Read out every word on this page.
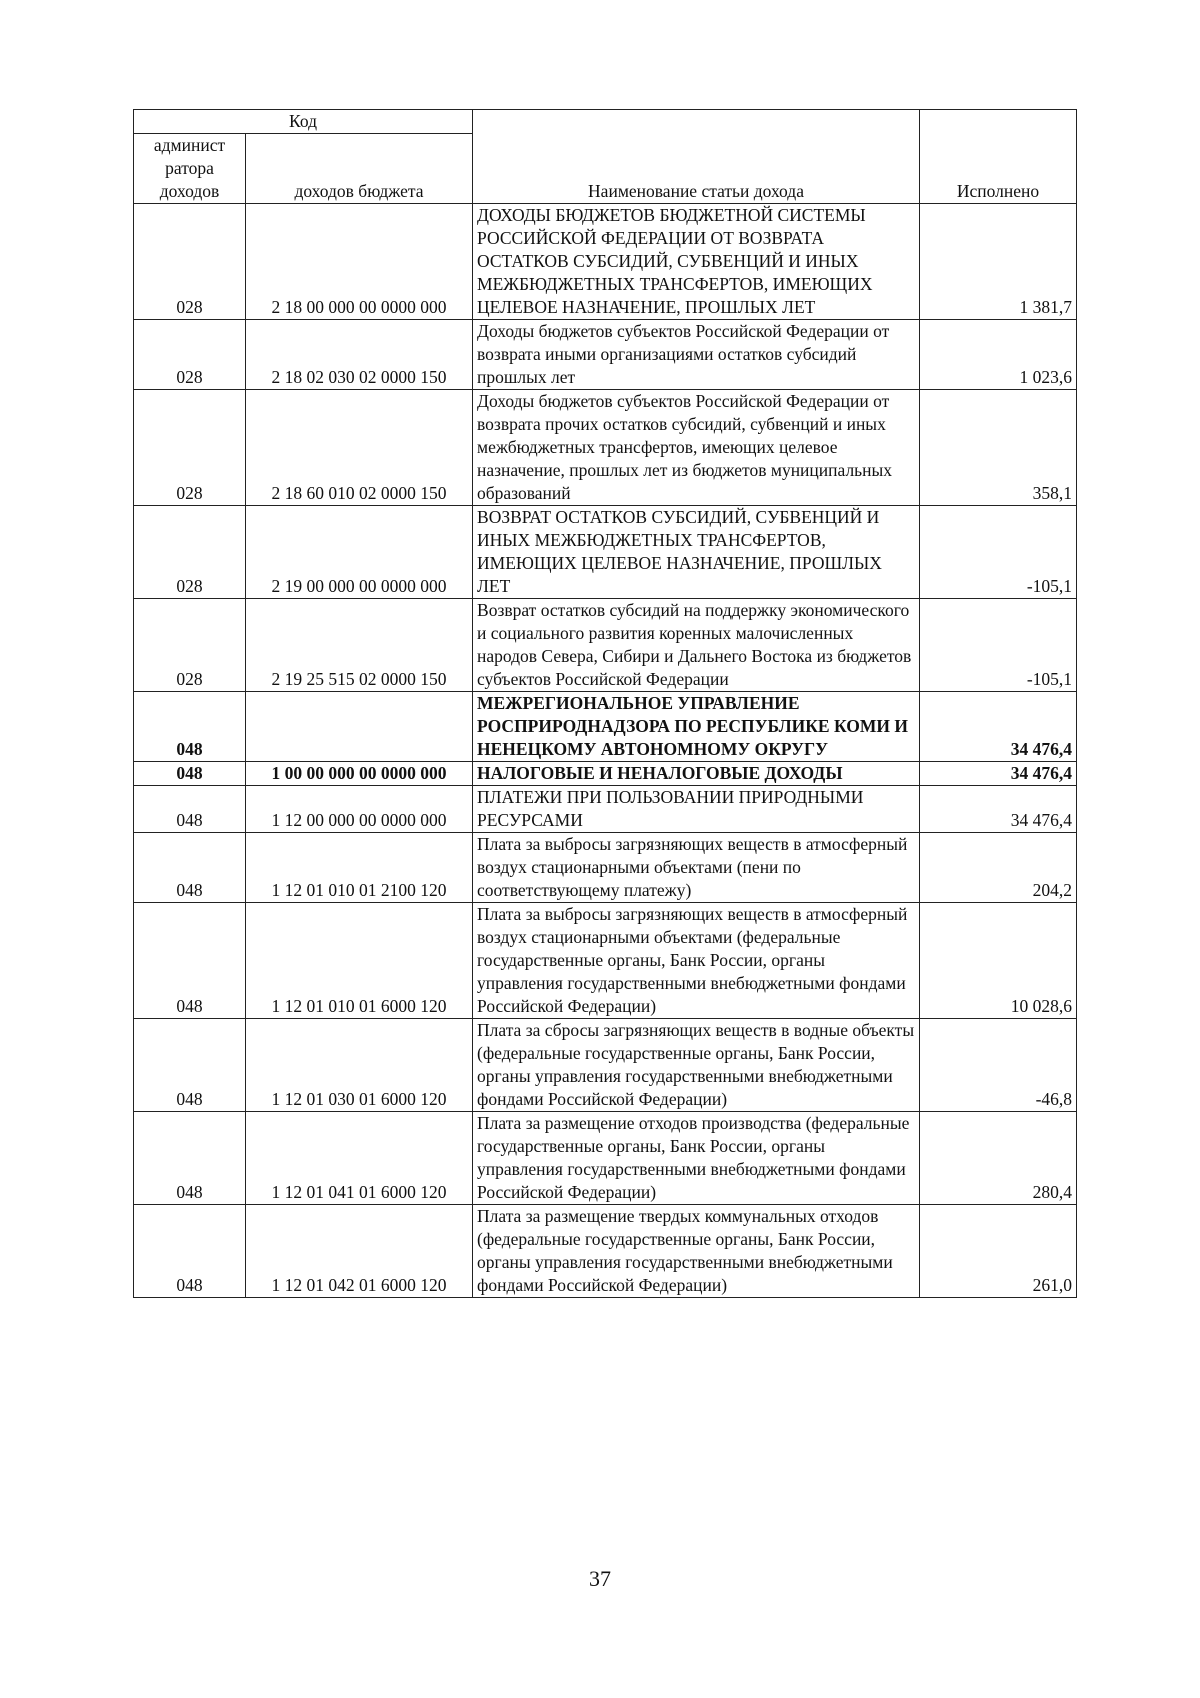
Код		Наименование статьи дохода	Исполнено
админист ратора доходов	доходов бюджета		
028	2 18 00 000 00 0000 000	ДОХОДЫ БЮДЖЕТОВ БЮДЖЕТНОЙ СИСТЕМЫ РОССИЙСКОЙ ФЕДЕРАЦИИ ОТ ВОЗВРАТА ОСТАТКОВ СУБСИДИЙ, СУБВЕНЦИЙ И ИНЫХ МЕЖБЮДЖЕТНЫХ ТРАНСФЕРТОВ, ИМЕЮЩИХ ЦЕЛЕВОЕ НАЗНАЧЕНИЕ, ПРОШЛЫХ ЛЕТ	1 381,7
028	2 18 02 030 02 0000 150	Доходы бюджетов субъектов Российской Федерации от возврата иными организациями остатков субсидий прошлых лет	1 023,6
028	2 18 60 010 02 0000 150	Доходы бюджетов субъектов Российской Федерации от возврата прочих остатков субсидий, субвенций и иных межбюджетных трансфертов, имеющих целевое назначение, прошлых лет из бюджетов муниципальных образований	358,1
028	2 19 00 000 00 0000 000	ВОЗВРАТ ОСТАТКОВ СУБСИДИЙ, СУБВЕНЦИЙ И ИНЫХ МЕЖБЮДЖЕТНЫХ ТРАНСФЕРТОВ, ИМЕЮЩИХ ЦЕЛЕВОЕ НАЗНАЧЕНИЕ, ПРОШЛЫХ ЛЕТ	-105,1
028	2 19 25 515 02 0000 150	Возврат остатков субсидий на поддержку экономического и социального развития коренных малочисленных народов Севера, Сибири и Дальнего Востока из бюджетов субъектов Российской Федерации	-105,1
048		МЕЖРЕГИОНАЛЬНОЕ УПРАВЛЕНИЕ РОСПРИРОДНАДЗОРА ПО РЕСПУБЛИКЕ КОМИ И НЕНЕЦКОМУ АВТОНОМНОМУ ОКРУГУ	34 476,4
048	1 00 00 000 00 0000 000	НАЛОГОВЫЕ И НЕНАЛОГОВЫЕ ДОХОДЫ	34 476,4
048	1 12 00 000 00 0000 000	ПЛАТЕЖИ ПРИ ПОЛЬЗОВАНИИ ПРИРОДНЫМИ РЕСУРСАМИ	34 476,4
048	1 12 01 010 01 2100 120	Плата за выбросы загрязняющих веществ в атмосферный воздух стационарными объектами (пени по соответствующему платежу)	204,2
048	1 12 01 010 01 6000 120	Плата за выбросы загрязняющих веществ в атмосферный воздух стационарными объектами (федеральные государственные органы, Банк России, органы управления государственными внебюджетными фондами Российской Федерации)	10 028,6
048	1 12 01 030 01 6000 120	Плата за сбросы загрязняющих веществ в водные объекты (федеральные государственные органы, Банк России, органы управления государственными внебюджетными фондами Российской Федерации)	-46,8
048	1 12 01 041 01 6000 120	Плата за размещение отходов производства (федеральные государственные органы, Банк России, органы управления государственными внебюджетными фондами Российской Федерации)	280,4
048	1 12 01 042 01 6000 120	Плата за размещение твердых коммунальных отходов (федеральные государственные органы, Банк России, органы управления государственными внебюджетными фондами Российской Федерации)	261,0
37
